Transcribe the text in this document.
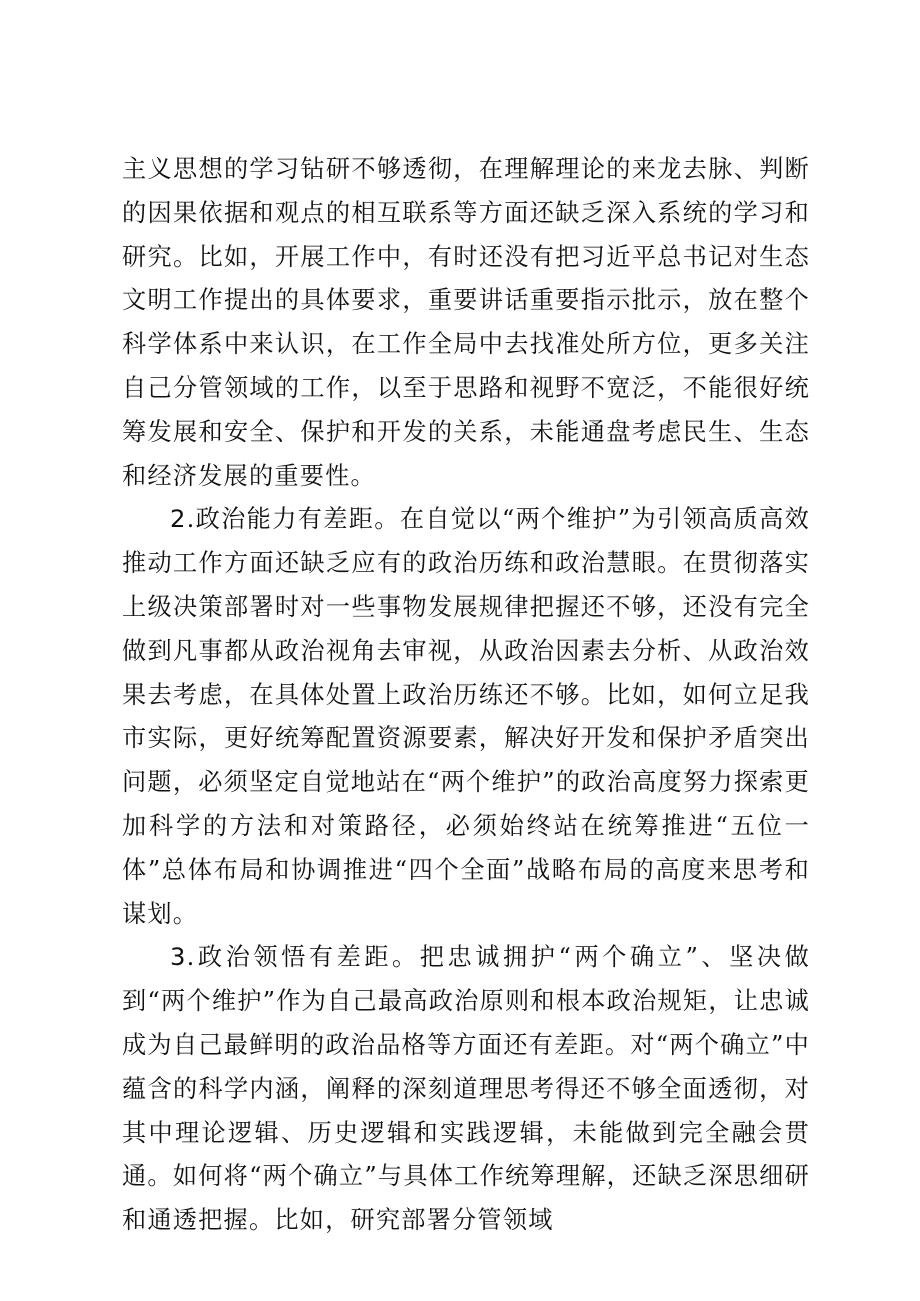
主义思想的学习钻研不够透彻，在理解理论的来龙去脉、判断的因果依据和观点的相互联系等方面还缺乏深入系统的学习和研究。比如，开展工作中，有时还没有把习近平总书记对生态文明工作提出的具体要求，重要讲话重要指示批示，放在整个科学体系中来认识，在工作全局中去找准处所方位，更多关注自己分管领域的工作，以至于思路和视野不宽泛，不能很好统筹发展和安全、保护和开发的关系，未能通盘考虑民生、生态和经济发展的重要性。

2.政治能力有差距。在自觉以“两个维护”为引领高质高效推动工作方面还缺乏应有的政治历练和政治慧眼。在贯彻落实上级决策部署时对一些事物发展规律把握还不够，还没有完全做到凡事都从政治视角去审视，从政治因素去分析、从政治效果去考虑，在具体处置上政治历练还不够。比如，如何立足我市实际，更好统筹配置资源要素，解决好开发和保护矛盾突出问题，必须坚定自觉地站在“两个维护”的政治高度努力探索更加科学的方法和对策路径，必须始终站在统筹推进“五位一体”总体布局和协调推进“四个全面”战略布局的高度来思考和谋划。

3.政治领悟有差距。把忠诚拥护“两个确立”、坚决做到“两个维护”作为自己最高政治原则和根本政治规矩，让忠诚成为自己最鲜明的政治品格等方面还有差距。对“两个确立”中蕴含的科学内涵，阐释的深刻道理思考得还不够全面透彻，对其中理论逻辑、历史逻辑和实践逻辑，未能做到完全融会贯通。如何将“两个确立”与具体工作统筹理解，还缺乏深思细研和通透把握。比如，研究部署分管领域
